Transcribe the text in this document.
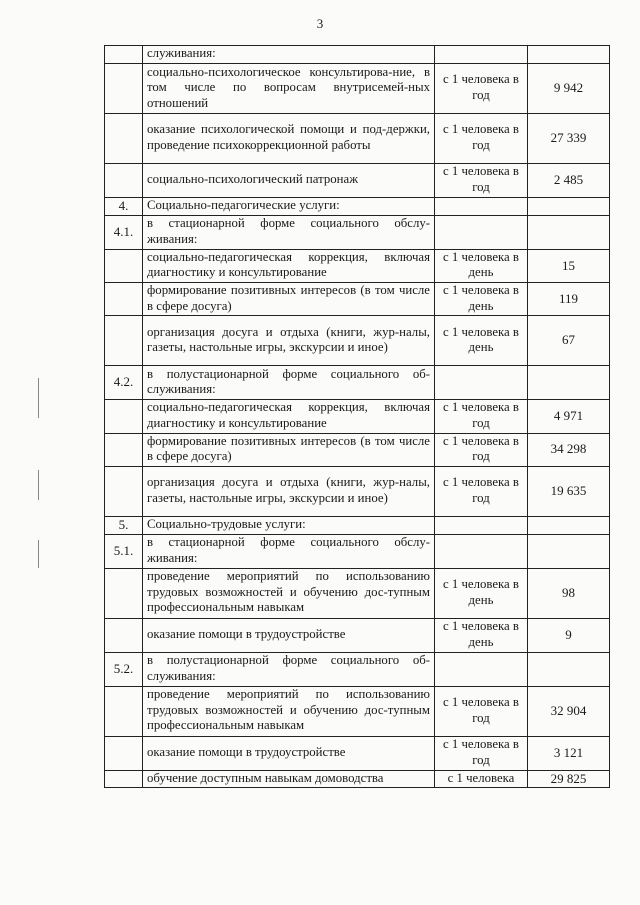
3
	служивания:		
	социально-психологическое консультирова-ние, в том числе по вопросам внутрисемей-ных отношений	с 1 человека в год	9 942
	оказание психологической помощи и под-держки, проведение психокоррекционной работы	с 1 человека в год	27 339
	социально-психологический патронаж	с 1 человека в год	2 485
4.	Социально-педагогические услуги:		
4.1.	в стационарной форме социального обслу-живания:		
	социально-педагогическая коррекция, включая диагностику и консультирование	с 1 человека в день	15
	формирование позитивных интересов (в том числе в сфере досуга)	с 1 человека в день	119
	организация досуга и отдыха (книги, жур-налы, газеты, настольные игры, экскурсии и иное)	с 1 человека в день	67
4.2.	в полустационарной форме социального об-служивания:		
	социально-педагогическая коррекция, включая диагностику и консультирование	с 1 человека в год	4 971
	формирование позитивных интересов (в том числе в сфере досуга)	с 1 человека в год	34 298
	организация досуга и отдыха (книги, жур-налы, газеты, настольные игры, экскурсии и иное)	с 1 человека в год	19 635
5.	Социально-трудовые услуги:		
5.1.	в стационарной форме социального обслу-живания:		
	проведение мероприятий по использованию трудовых возможностей и обучению дос-тупным профессиональным навыкам	с 1 человека в день	98
	оказание помощи в трудоустройстве	с 1 человека в день	9
5.2.	в полустационарной форме социального об-служивания:		
	проведение мероприятий по использованию трудовых возможностей и обучению дос-тупным профессиональным навыкам	с 1 человека в год	32 904
	оказание помощи в трудоустройстве	с 1 человека в год	3 121
	обучение доступным навыкам домоводства	с 1 человека	29 825
